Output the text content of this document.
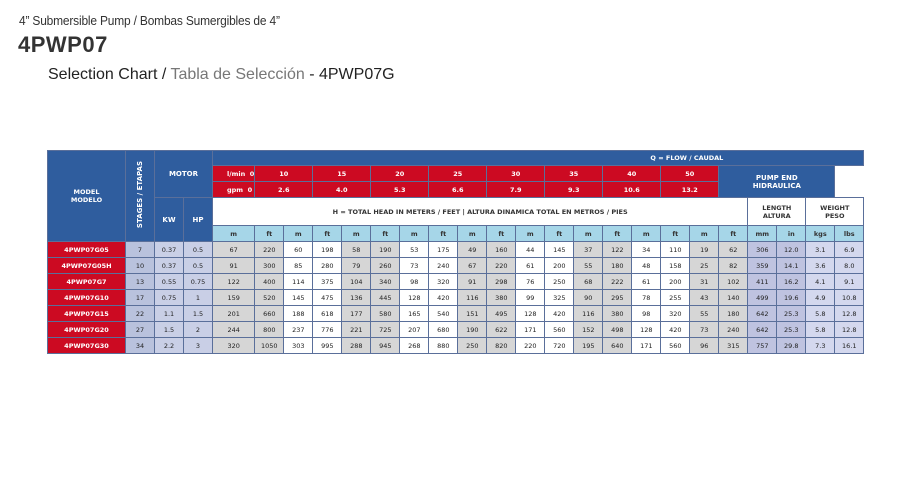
4” Submersible Pump / Bombas Sumergibles de 4”
4PWP07
Selection Chart / Tabla de Selección - 4PWP07G
MODEL
MODELO	STAGES / ETAPAS	MOTOR		Q = FLOW / CAUDAL																					
				l/min 0	10		15		20		25		30		35		40		50		PUMP END
HIDRAULICA				

				gpm 0	2.6		4.0		5.3		6.6		7.9		9.3		10.6		13.2						
KW	HP	H = TOTAL HEAD IN METERS / FEET | ALTURA DINAMICA TOTAL EN METROS / PIES	LENGTH
ALTURA

WEIGHT
PESO

				m	ft	m	ft	m	ft	m	ft	m	ft	m	ft	m	ft	m	ft	m	ft	mm	in	kgs	lbs
4PWP07G05	7	0.37	0.5	67	220	60	198	58	190	53	175	49	160	44	145	37	122	34	110	19	62	306	12.0	3.1	6.9
4PWP07G05H	10	0.37	0.5	91	300	85	280	79	260	73	240	67	220	61	200	55	180	48	158	25	82	359	14.1	3.6	8.0
4PWP07G7	13	0.55	0.75	122	400	114	375	104	340	98	320	91	298	76	250	68	222	61	200	31	102	411	16.2	4.1	9.1
4PWP07G10	17	0.75	1	159	520	145	475	136	445	128	420	116	380	99	325	90	295	78	255	43	140	499	19.6	4.9	10.8
4PWP07G15	22	1.1	1.5	201	660	188	618	177	580	165	540	151	495	128	420	116	380	98	320	55	180	642	25.3	5.8	12.8
4PWP07G20	27	1.5	2	244	800	237	776	221	725	207	680	190	622	171	560	152	498	128	420	73	240	642	25.3	5.8	12.8
4PWP07G30	34	2.2	3	320	1050	303	995	288	945	268	880	250	820	220	720	195	640	171	560	96	315	757	29.8	7.3	16.1
